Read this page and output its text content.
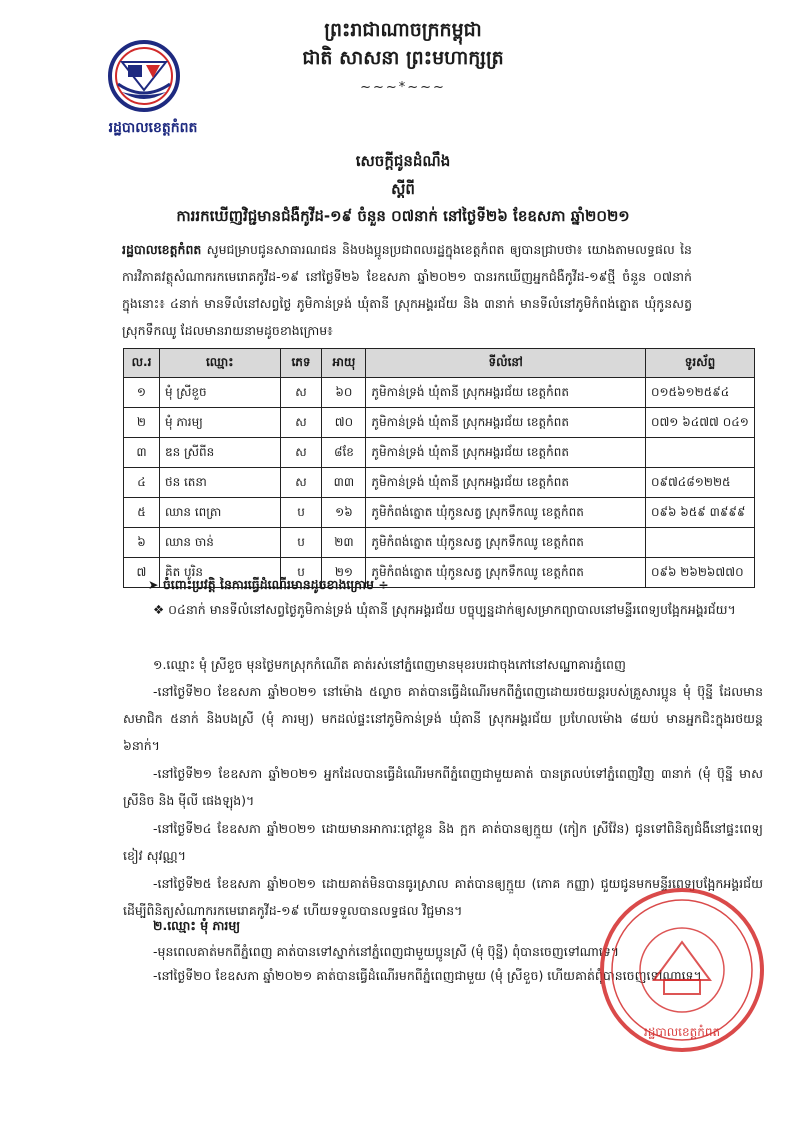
រដ្ឋបាលខេត្តកំពត
ព្រះរាជាណាចក្រកម្ពុជា
ជាតិ សាសនា ព្រះមហាក្សត្រ
~~~*~~~
សេចក្តីជូនដំណឹង
ស្តីពី
ការរកឃើញវិជ្ជមានជំងឺកូវីដ-១៩ ចំនួន ០៧នាក់ នៅថ្ងៃទី២៦ ខែឧសភា ឆ្នាំ២០២១
រដ្ឋបាលខេត្តកំពត សូមជម្រាបជូនសាធារណជន និងបងប្អូនប្រជាពលរដ្ឋក្នុងខេត្តកំពត ឲ្យបានជ្រាបថា៖ យោងតាមលទ្ធផល នៃការវិភាគវត្ថុសំណាករកមេរោគកូវីដ-១៩ នៅថ្ងៃទី២៦ ខែឧសភា ឆ្នាំ២០២១ បានរកឃើញអ្នកជំងឺកូវីដ-១៩ថ្មី ចំនួន ០៧នាក់ ក្នុងនោះ៖ ៤នាក់ មានទីលំនៅសព្វថ្ងៃ ភូមិកាន់ទ្រង់ ឃុំតានី ស្រុកអង្គរជ័យ និង ៣នាក់ មានទីលំនៅភូមិកំពង់ត្នោត ឃុំកូនសត្វ ស្រុកទឹកឈូ ដែលមានរាយនាមដូចខាងក្រោម៖
ល.រ	ឈ្មោះ	ភេទ	អាយុ	ទីលំនៅ	ទូរស័ព្ទ
១	មុំ ស្រីខួច	ស	៦០	ភូមិកាន់ទ្រង់ ឃុំតានី ស្រុកអង្គរជ័យ ខេត្តកំពត	០១៥៦១២៥៩៤
២	មុំ ភារម្យ	ស	៧០	ភូមិកាន់ទ្រង់ ឃុំតានី ស្រុកអង្គរជ័យ ខេត្តកំពត	០៧១ ៦៤៧៧ ០៤១
៣	ឌន ស្រីពីន	ស	៨ខែ	ភូមិកាន់ទ្រង់ ឃុំតានី ស្រុកអង្គរជ័យ ខេត្តកំពត	
៤	ថន តេនា	ស	៣៣	ភូមិកាន់ទ្រង់ ឃុំតានី ស្រុកអង្គរជ័យ ខេត្តកំពត	០៩៧៤៨១២២៥
៥	ឈាន ពេត្រា	ប	១៦	ភូមិកំពង់ត្នោត ឃុំកូនសត្វ ស្រុកទឹកឈូ ខេត្តកំពត	០៩៦ ៦៥៩ ៣៩៩៩
៦	ឈាន ចាន់	ប	២៣	ភូមិកំពង់ត្នោត ឃុំកូនសត្វ ស្រុកទឹកឈូ ខេត្តកំពត	
៧	គិត បូរិន	ប	២១	ភូមិកំពង់ត្នោត ឃុំកូនសត្វ ស្រុកទឹកឈូ ខេត្តកំពត	០៩៦ ២៦២៦៧៧០
➤ ចំពោះប្រវត្តិ នៃការធ្វើដំណើរមានដូចខាងក្រោម ÷
❖ ០៤នាក់ មានទីលំនៅសព្វថ្ងៃភូមិកាន់ទ្រង់ ឃុំតានី ស្រុកអង្គរជ័យ បច្ចុប្បន្នដាក់ឲ្យសម្រាកព្យាបាលនៅមន្ទីរពេទ្យបង្អែកអង្គរជ័យ។
១.ឈ្មោះ មុំ ស្រីខួច មុនថ្ងៃមកស្រុកកំណើត គាត់រស់នៅភ្នំពេញមានមុខរបរជាចុងភៅនៅសណ្ឋាគារភ្នំពេញ
-នៅថ្ងៃទី២០ ខែឧសភា ឆ្នាំ២០២១ នៅម៉ោង ៥ល្ងាច គាត់បានធ្វើដំណើរមកពីភ្នំពេញដោយរថយន្តរបស់គ្រួសារប្អូន មុំ ប៊ុន្នី ដែលមានសមាជិក ៥នាក់ និងបងស្រី (មុំ ភារម្យ) មកដល់ផ្ទះនៅភូមិកាន់ទ្រង់ ឃុំតានី ស្រុកអង្គរជ័យ ប្រហែលម៉ោង ៨យប់ មានអ្នកជិះក្នុងរថយន្ត ៦នាក់។
-នៅថ្ងៃទី២១ ខែឧសភា ឆ្នាំ២០២១ អ្នកដែលបានធ្វើដំណើរមកពីភ្នំពេញជាមួយគាត់ បានត្រលប់ទៅភ្នំពេញវិញ ៣នាក់ (មុំ ប៊ុន្នី មាស ស្រីនិច និង ម៉ីលី ផេងឡុង)។
-នៅថ្ងៃទី២៤ ខែឧសភា ឆ្នាំ២០២១ ដោយមានអាការៈក្តៅខ្លួន និង ក្អក គាត់បានឲ្យក្មួយ (កៀក ស្រីវ៉ែន) ជូនទៅពិនិត្យជំងឺនៅផ្ទះពេទ្យ ខៀវ សុវណ្ណ។
-នៅថ្ងៃទី២៥ ខែឧសភា ឆ្នាំ២០២១ ដោយគាត់មិនបានធូរស្រាល គាត់បានឲ្យក្មួយ (ភោគ កញ្ញា) ជួយជូនមកមន្ទីរពេទ្យបង្អែកអង្គរជ័យ ដើម្បីពិនិត្យសំណាករកមេរោគកូវីដ-១៩ ហើយទទួលបានលទ្ធផល វិជ្ជមាន។
២.ឈ្មោះ មុំ ភារម្យ
-មុនពេលគាត់មកពីភ្នំពេញ គាត់បានទៅស្នាក់នៅភ្នំពេញជាមួយប្អូនស្រី (មុំ ប៊ុន្នី) ពុំបានចេញទៅណាទេ។
-នៅថ្ងៃទី២០ ខែឧសភា ឆ្នាំ២០២១ គាត់បានធ្វើដំណើរមកពីភ្នំពេញជាមួយ (មុំ ស្រីខួច) ហើយគាត់ពុំបានចេញទៅណាទេ។
រដ្ឋបាលខេត្តកំពត
